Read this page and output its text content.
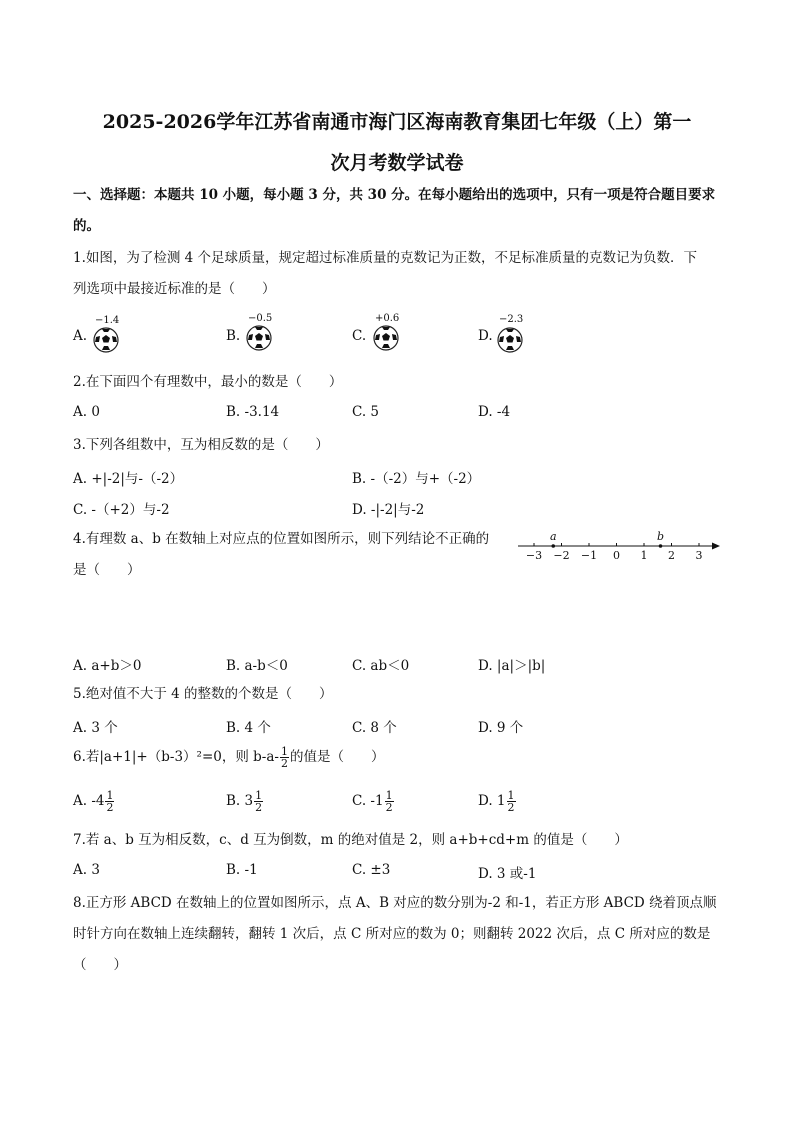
2025-2026学年江苏省南通市海门区海南教育集团七年级（上）第一
次月考数学试卷
一、选择题：本题共 10 小题，每小题 3 分，共 30 分。在每小题给出的选项中，只有一项是符合题目要求
的。
1.如图，为了检测 4 个足球质量，规定超过标准质量的克数记为正数，不足标准质量的克数记为负数．下
列选项中最接近标准的是（　　）
A.
−1.4
B.
−0.5
C.
+0.6
D.
−2.3
2.在下面四个有理数中，最小的数是（　　）
A. 0	B. -3.14	C. 5	D. -4
3.下列各组数中，互为相反数的是（　　）
A. +|-2|与-（-2）	B. -（-2）与+（-2）
C. -（+2）与-2	D. -|-2|与-2
4.有理数 a、b 在数轴上对应点的位置如图所示，则下列结论不正确的
是（　　）
−3 −2 −1 0 1 2 3
a	b
A. a+b＞0	B. a-b＜0	C. ab＜0	D. |a|＞|b|
5.绝对值不大于 4 的整数的个数是（　　）
A. 3 个	B. 4 个	C. 8 个	D. 9 个
6.若|a+1|+（b-3）²=0，则 $b-a- \frac{1}{2}$ 的值是（　　）
A. $-4 \frac{1}{2}$	B. $3 \frac{1}{2}$	C. $-1 \frac{1}{2}$	D. $1 \frac{1}{2}$
7.若 a、b 互为相反数，c、d 互为倒数，m 的绝对值是 2，则 a+b+cd+m 的值是（　　）
A. 3	B. -1	C. ±3	D. 3 或-1
8.正方形 ABCD 在数轴上的位置如图所示，点 A、B 对应的数分别为-2 和-1，若正方形 ABCD 绕着顶点顺
时针方向在数轴上连续翻转，翻转 1 次后，点 C 所对应的数为 0；则翻转 2022 次后，点 C 所对应的数是
（　　）
